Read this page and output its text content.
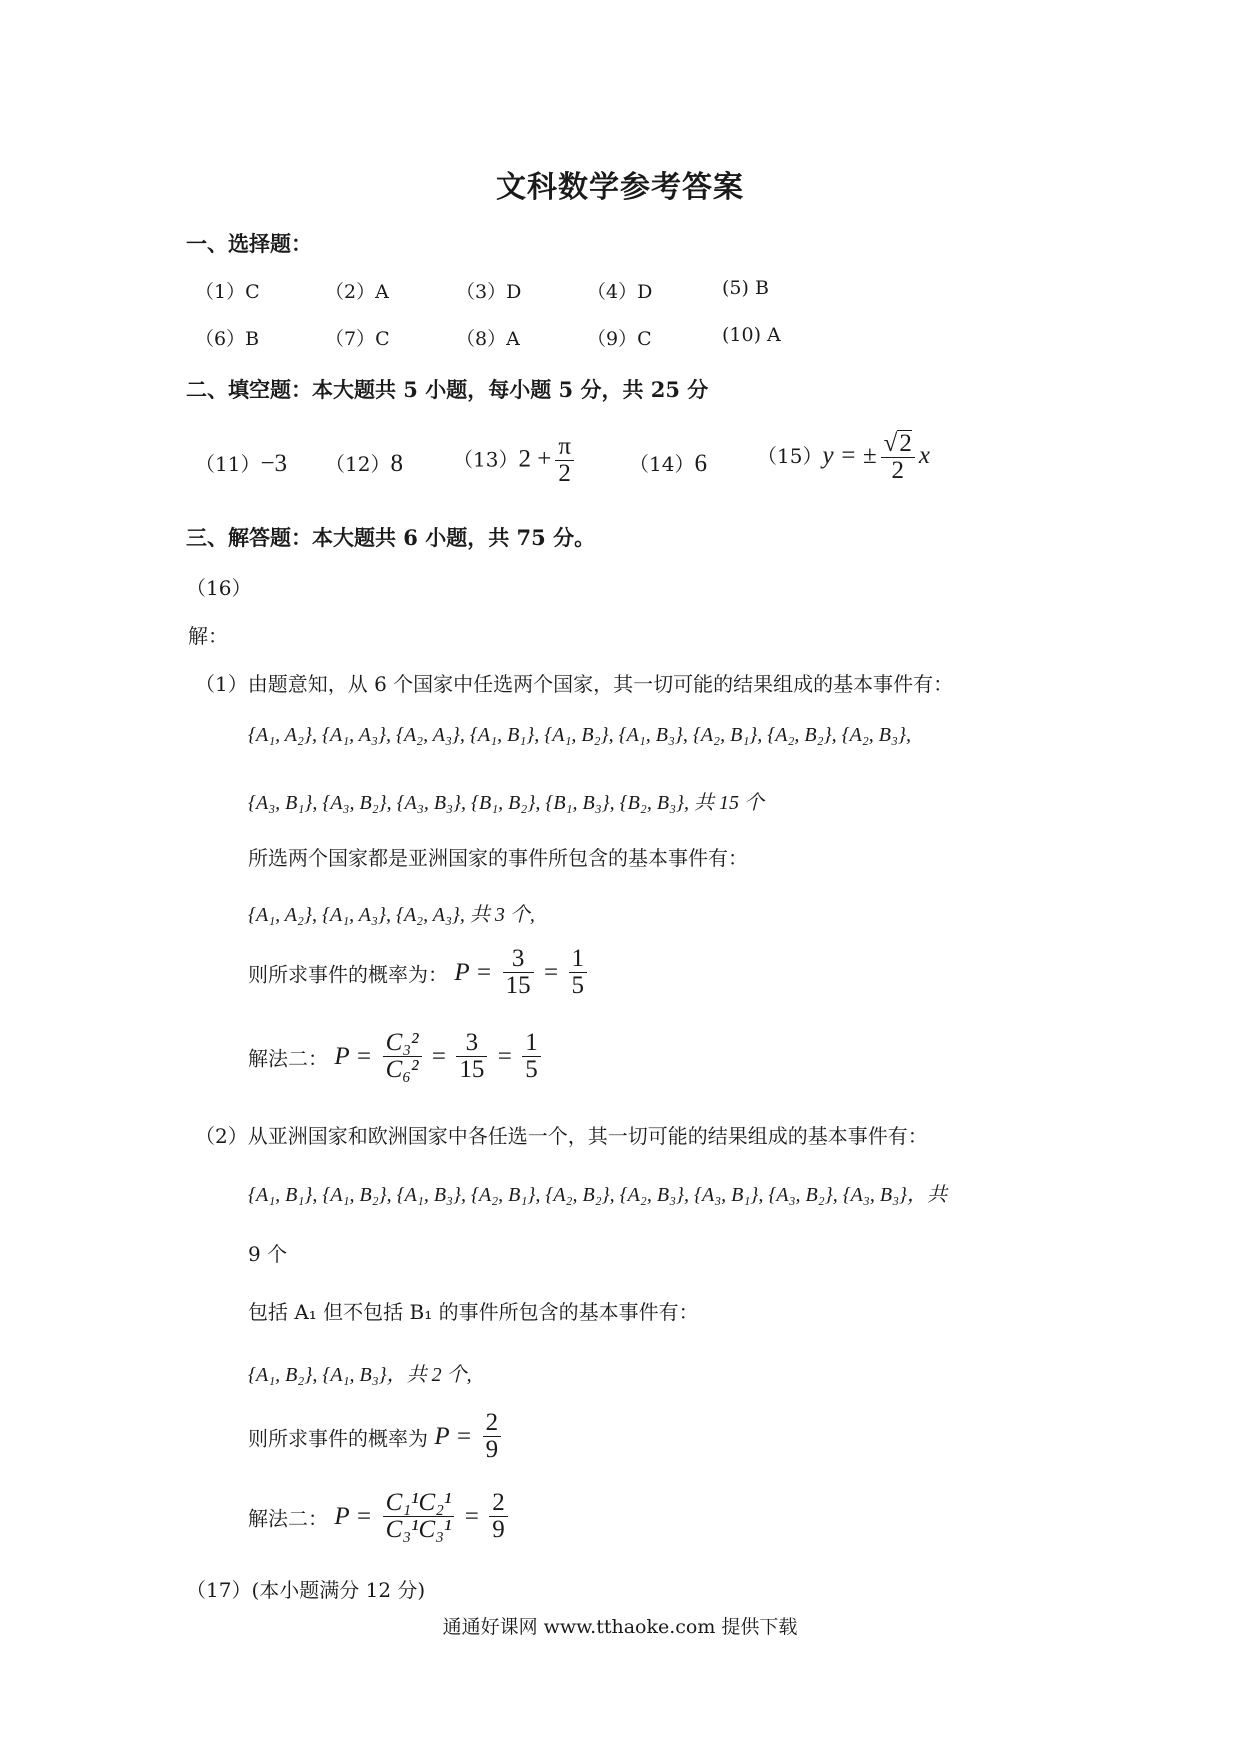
文科数学参考答案
一、选择题：
（1）C	（2）A	（3）D	（4）D	(5) B
（6）B	（7）C	（8）A	（9）C	(10) A
二、填空题：本大题共 5 小题，每小题 5 分，共 25 分
（11）−3 （12）8	$(13)2 + \frac{\pi}{2}$	（14）6	（15）y = ± $\frac{√2}{2}$ x
三、解答题：本大题共 6 小题，共 75 分。
（16）
解：
（1）由题意知，从 6 个国家中任选两个国家，其一切可能的结果组成的基本事件有：
{A₁, A₂}, {A₁, A₃}, {A₂, A₃}, {A₁, B₁}, {A₁, B₂}, {A₁, B₃}, {A₂, B₁}, {A₂, B₂}, {A₂, B₃},
{A₃, B₁}, {A₃, B₂}, {A₃, B₃}, {B₁, B₂}, {B₁, B₃}, {B₂, B₃}, 共 15 个
所选两个国家都是亚洲国家的事件所包含的基本事件有：
{A₁, A₂}, {A₁, A₃}, {A₂, A₃}, 共 3 个,
则所求事件的概率为： $P = \frac{3}{15} = \frac{1}{5}$
解法二： $P = \frac{\text{C₃²}}{\text{C₆²}} = \frac{3}{15} = \frac{1}{5}$
（2）从亚洲国家和欧洲国家中各任选一个，其一切可能的结果组成的基本事件有：
{A₁, B₁}, {A₁, B₂}, {A₁, B₃}, {A₂, B₁}, {A₂, B₂}, {A₂, B₃}, {A₃, B₁}, {A₃, B₂}, {A₃, B₃}，共
9 个
包括 A₁ 但不包括 B₁ 的事件所包含的基本事件有：
{A₁, B₂}, {A₁, B₃}，共 2 个,
则所求事件的概率为 $P = \frac{2}{9}$
解法二： $P = \frac{\text{C₁¹C₂¹}}{\text{C₃¹C₃¹}} = \frac{2}{9}$
（17）(本小题满分 12 分)
通通好课网 www.tthaoke.com 提供下载
